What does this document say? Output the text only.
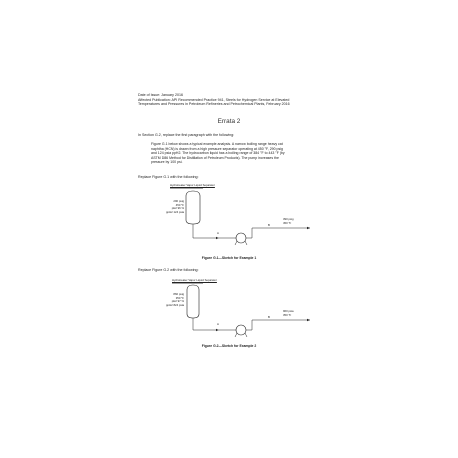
Date of Issue: January 2016
Affected Publication: API Recommended Practice 941, Steels for Hydrogen Service at Elevated
Temperatures and Pressures in Petroleum Refineries and Petrochemical Plants, February 2016
Errata 2
In Section G.2, replace the first paragraph with the following:
Figure G.1 below shows a typical example analysis. A narrow boiling range heavy cat
naphtha (HCN) is drawn from a high pressure separator operating at 450 °F, 290 psig
and 124 psia ppH2. The hydrocarbon liquid has a boiling range of 384 °F to 443 °F (by
ASTM D86 Method for Distillation of Petroleum Products). The pump increases the
pressure by 100 psi.
Replace Figure G.1 with the following:
Hydrotreater Vapor Liquid Separator
290 psig
450 °F
pH2 96 %
ppH2 124 psia
A
B
390 psig
450 °F
Figure G.1—Sketch for Example 1
Replace Figure G.2 with the following:
Hydrotreater Vapor Liquid Separator
860 psig
350 °F
pH2 97 %
ppH2 824 psia
A
B
960 psia
350 °F
Figure G.2—Sketch for Example 2
